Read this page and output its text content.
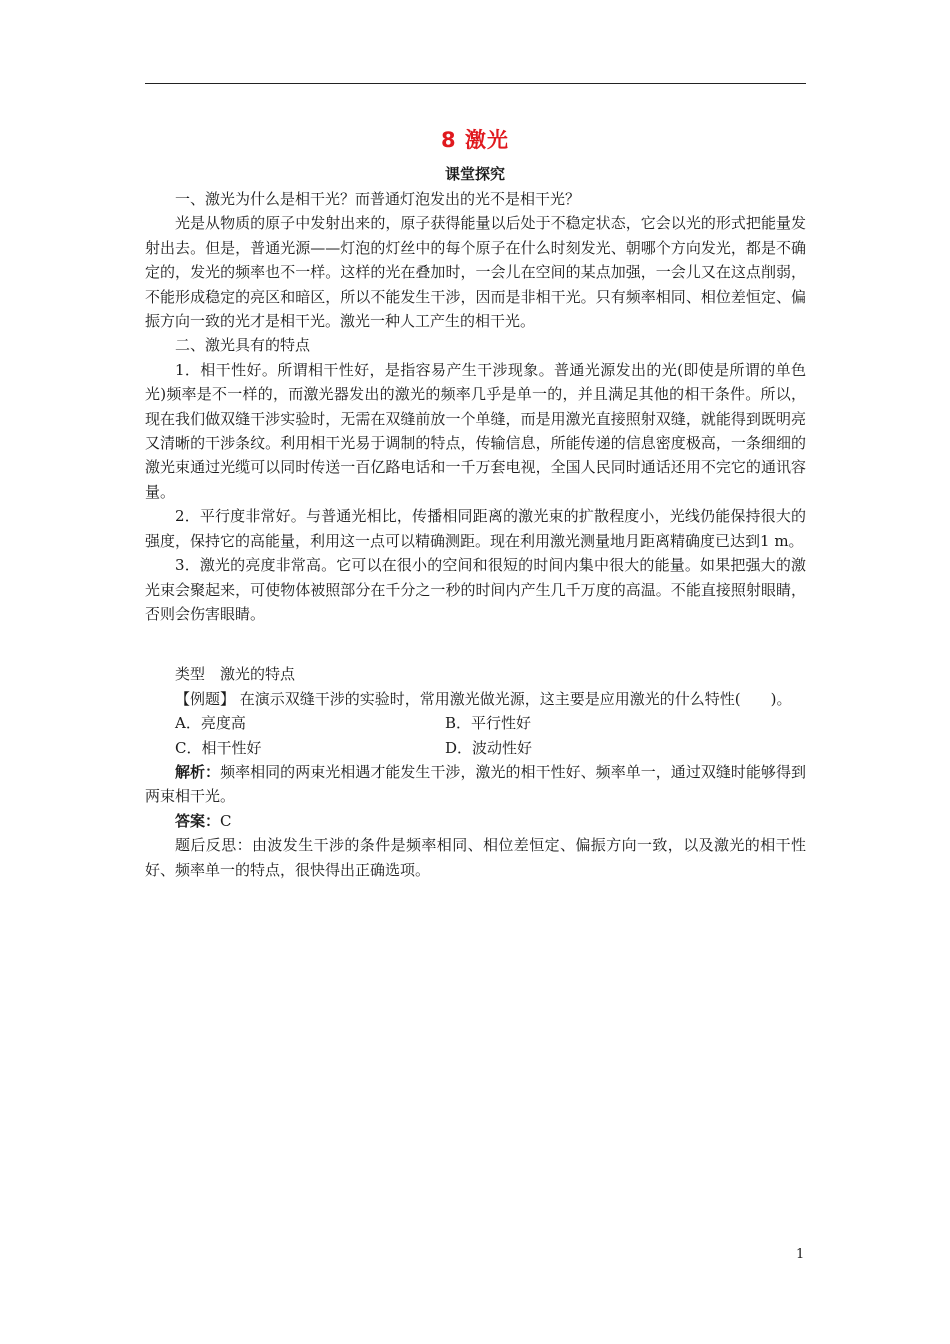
8 激光
课堂探究

一、激光为什么是相干光？而普通灯泡发出的光不是相干光？

光是从物质的原子中发射出来的，原子获得能量以后处于不稳定状态，它会以光的形式把能量发射出去。但是，普通光源——灯泡的灯丝中的每个原子在什么时刻发光、朝哪个方向发光，都是不确定的，发光的频率也不一样。这样的光在叠加时，一会儿在空间的某点加强，一会儿又在这点削弱，不能形成稳定的亮区和暗区，所以不能发生干涉，因而是非相干光。只有频率相同、相位差恒定、偏振方向一致的光才是相干光。激光一种人工产生的相干光。

二、激光具有的特点

1．相干性好。所谓相干性好，是指容易产生干涉现象。普通光源发出的光(即使是所谓的单色光)频率是不一样的，而激光器发出的激光的频率几乎是单一的，并且满足其他的相干条件。所以，现在我们做双缝干涉实验时，无需在双缝前放一个单缝，而是用激光直接照射双缝，就能得到既明亮又清晰的干涉条纹。利用相干光易于调制的特点，传输信息，所能传递的信息密度极高，一条细细的激光束通过光缆可以同时传送一百亿路电话和一千万套电视，全国人民同时通话还用不完它的通讯容量。

2．平行度非常好。与普通光相比，传播相同距离的激光束的扩散程度小，光线仍能保持很大的强度，保持它的高能量，利用这一点可以精确测距。现在利用激光测量地月距离精确度已达到1 m。

3．激光的亮度非常高。它可以在很小的空间和很短的时间内集中很大的能量。如果把强大的激光束会聚起来，可使物体被照部分在千分之一秒的时间内产生几千万度的高温。不能直接照射眼睛，否则会伤害眼睛。

类型　激光的特点

【例题】 在演示双缝干涉的实验时，常用激光做光源，这主要是应用激光的什么特性(　　)。

A．亮度高	B．平行性好

C．相干性好	D．波动性好

解析：频率相同的两束光相遇才能发生干涉，激光的相干性好、频率单一，通过双缝时能够得到两束相干光。

答案：C

题后反思：由波发生干涉的条件是频率相同、相位差恒定、偏振方向一致，以及激光的相干性好、频率单一的特点，很快得出正确选项。

1
